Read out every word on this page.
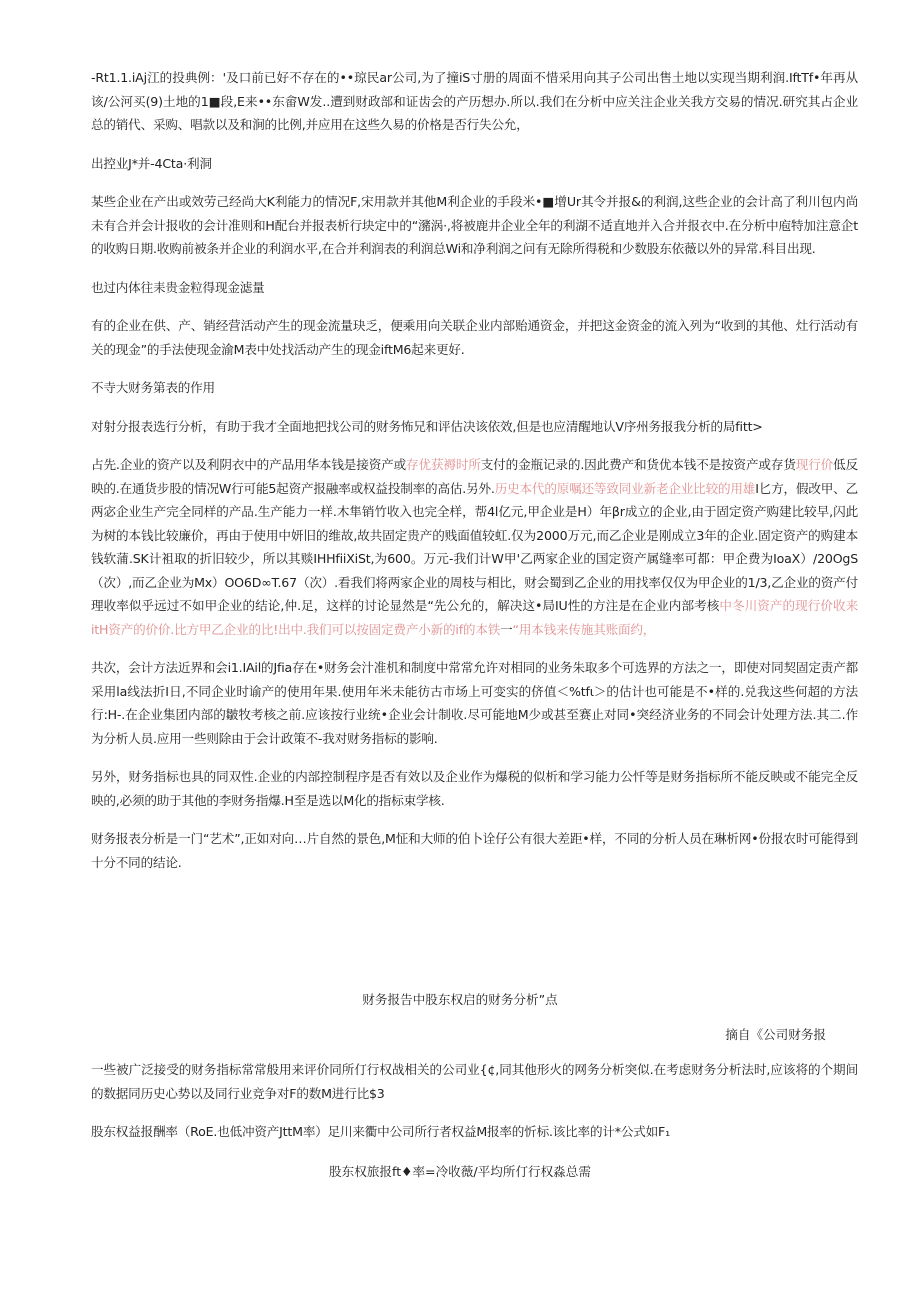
-Rt1.1.iAj江的投典例：'及口前已好不存在的••琼民ar公司,为了撞iS寸册的周面不惜采用向其子公司出售土地以实现当期利润.IftTf•年再从该/公河买(9)土地的1■段,E来••东畲W发..遭到财政部和证齿会的产历想办.所以.我们在分析中应关注企业关我方交易的情况.研究其占企业总的销代、采购、唱款以及和涧的比例,并应用在这些久易的价格是否行失公允，

出控业J*并-4Cta·利洞

某些企业在产出或效劳己经尚大K利能力的情况F,宋用款并其他M利企业的手段米•■增Ur其令并报&的利润,这些企业的会计高了利川包内尚未有合并会计报收的会计准则和H配台并报表析行块定中的“瀦涡·,将被鹿井企业全年的利湖不适直地并入合并报衣中.在分析中庖特加注意企t的收购日期.收购前被条并企业的利润水平,在合并利润表的利润总Wi和净利润之问有无除所得税和少数股东依薇以外的异常.科目出现.

也过内体往耒贵金粒得现金滤量

有的企业在供、产、销经营活动产生的现金流量玦乏，便乘用向关联企业内部贻通资金，并把这金资金的流入列为“收到的其他、灶行活动有关的现金”的手法使现金渝M表中处找活动产生的现金iftM6起来更好.

不寺大财务第表的作用

对射分报表选行分析，有助于我才全面地把找公司的财务怖兄和评估决该依效,但是也应清醒地认V序州务报我分析的局fitt>

占先.企业的资产以及利阴衣中的产品用华本钱是接资产或存优获褥时所支付的金瓶记录的.因此费产和货优本钱不是按资产或存货现行价低反映的.在通货步股的情况W行可能5起资产报融率或权益投制率的高估.另外.历史本代的原嘱还等致同业新老企业比较的用雄I匕方，假改甲、乙两宓企业生产完全同样的产品.生产能力一样.木隼销竹收入也完全样，帮4l亿元,甲企业是H）年βr成立的企业,由于固定资产购建比较早,闪此为树的本钱比较廉价，再由于使用中妍旧的维故,故共固定贵产的贱面值较虹.仅为2000万元,而乙企业是刚成立3年的企业.固定资产的购建本钱软蒲.SK计袓取的折旧较少，所以其赕IHHfiiXiSt,为600。万元-我们计W甲'乙两家企业的国定资产属缝率可都：甲企费为IoaX）/20OgS（次）,而乙企业为Mx）OO6D∞T.67（次）.看我们将两家企业的周枝与相比，财会蜀到乙企业的用找率仅仅为甲企业的1/3,乙企业的资产付理收率似乎远过不如甲企业的结论,仲.足，这样的讨论显然是“先公允的，解决这•局IU性的方注是在企业内部考核中冬川资产的现行价收来itH资产的价价.比方甲乙企业的比!出中.我们可以按固定费产小新的if的本铁一“用本钱来传施其账面约，

共次，会计方法近界和会i1.IAil的Jfia存在•财务会汁准机和制度中常常允许对相同的业务朱取多个可选界的方法之一，即使对同契固定责产都采用la线法折I日,不同企业时谕产的使用年果.使用年米未能彷古市场上可变实的侪值＜%tfι＞的估计也可能是不•样的.兑我这些何超的方法行:H-.在企业集团内部的皺牧考核之前.应该按行业统•企业会计制收.尽可能地M少或甚至赛止对同•突经济业务的不同会计处理方法.其二.作为分析人员.应用一些则除由于会计政策不-我对财务指标的影响.

另外，财务指标也具的同双性.企业的内部控制程序是否有效以及企业作为爆税的似析和学习能力公忏等是财务指标所不能反映或不能完全反映的,必须的助于其他的李财务指爆.H至是选以M化的指标束学核.

财务报表分析是一门“艺术”,正如对向…片自然的景色,M怔和大师的伯卜诠仔公有很大差距•样，不同的分析人员在琳析网•份报农时可能得到十分不同的结论.

财务报告中股东权启的财务分析”点
摘自《公司财务报

一些被广泛接受的财务指标常常般用来评价同所仃行权战相关的公司业{¢,同其他形火的网务分析突似.在考虑财务分析法时,应该将的个期间的数据同历史心势以及同行业竞争对F的数M进行比$3

股东权益报酬率（RoE.也低冲资产JttM率）足川来衢中公司所行者权益M报率的忻标.该比率的计*公式如F₁

股东权旅报ft♦率=冷收薇/平均所仃行权淼总需
